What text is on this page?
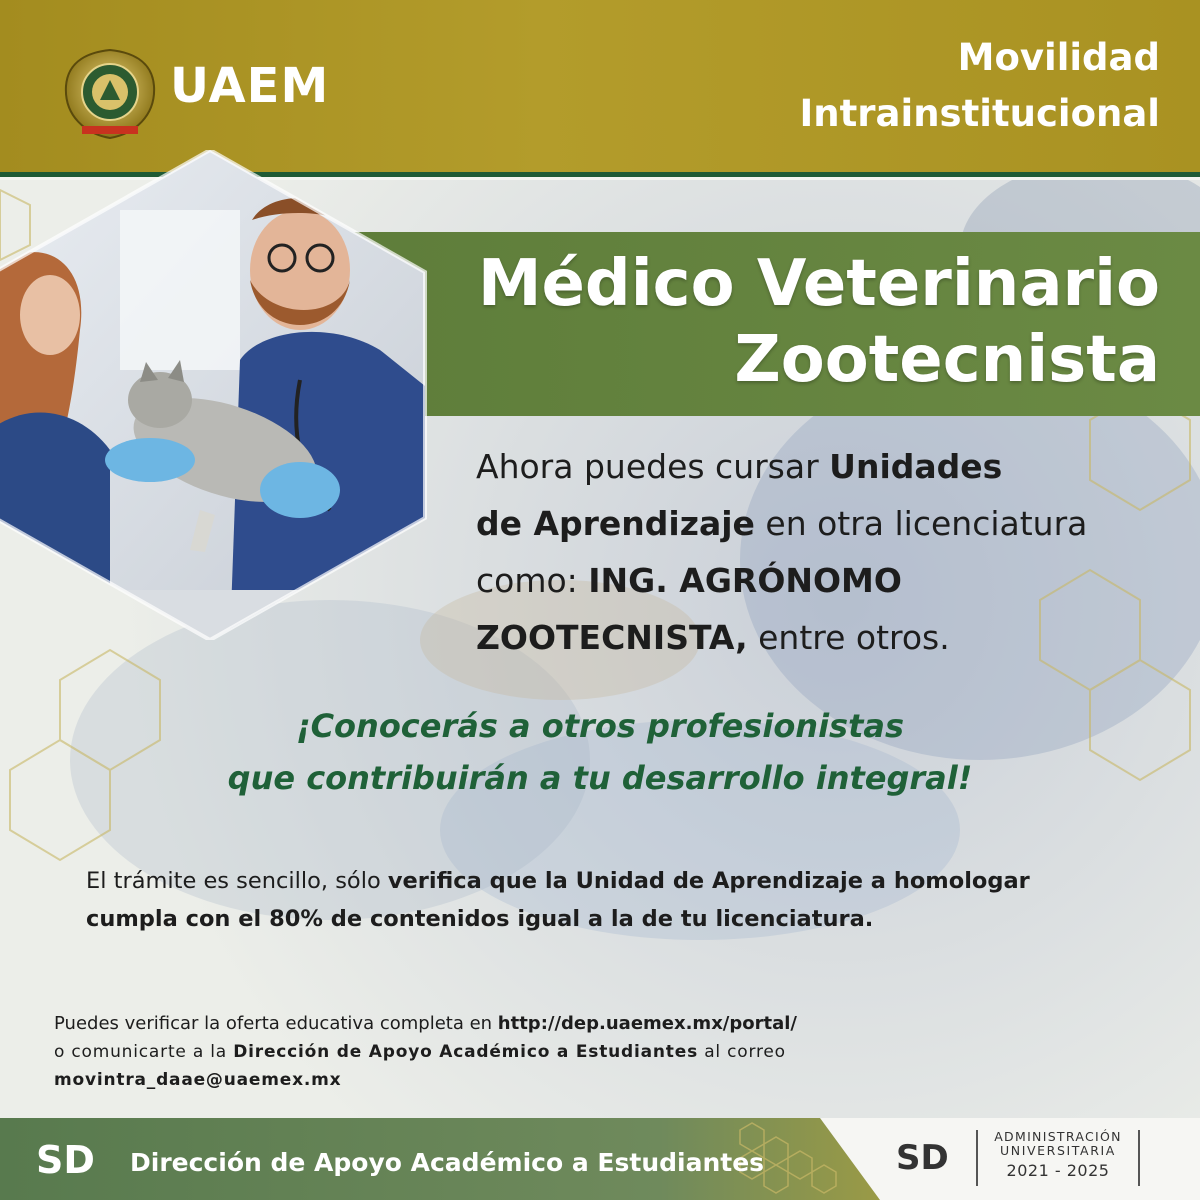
UAEM
Movilidad
Intrainstitucional
Médico Veterinario
Zootecnista
Ahora puedes cursar Unidades
de Aprendizaje en otra licenciatura
como: ING. AGRÓNOMO
ZOOTECNISTA, entre otros.
¡Conocerás a otros profesionistas
que contribuirán a tu desarrollo integral!
El trámite es sencillo, sólo verifica que la Unidad de Aprendizaje a homologar
cumpla con el 80% de contenidos igual a la de tu licenciatura.
Puedes verificar la oferta educativa completa en http://dep.uaemex.mx/portal/
o comunicarte a la Dirección de Apoyo Académico a Estudiantes al correo
movintra_daae@uaemex.mx
SD Dirección de Apoyo Académico a Estudiantes	SD
ADMINISTRACIÓN
UNIVERSITARIA
2021 - 2025
